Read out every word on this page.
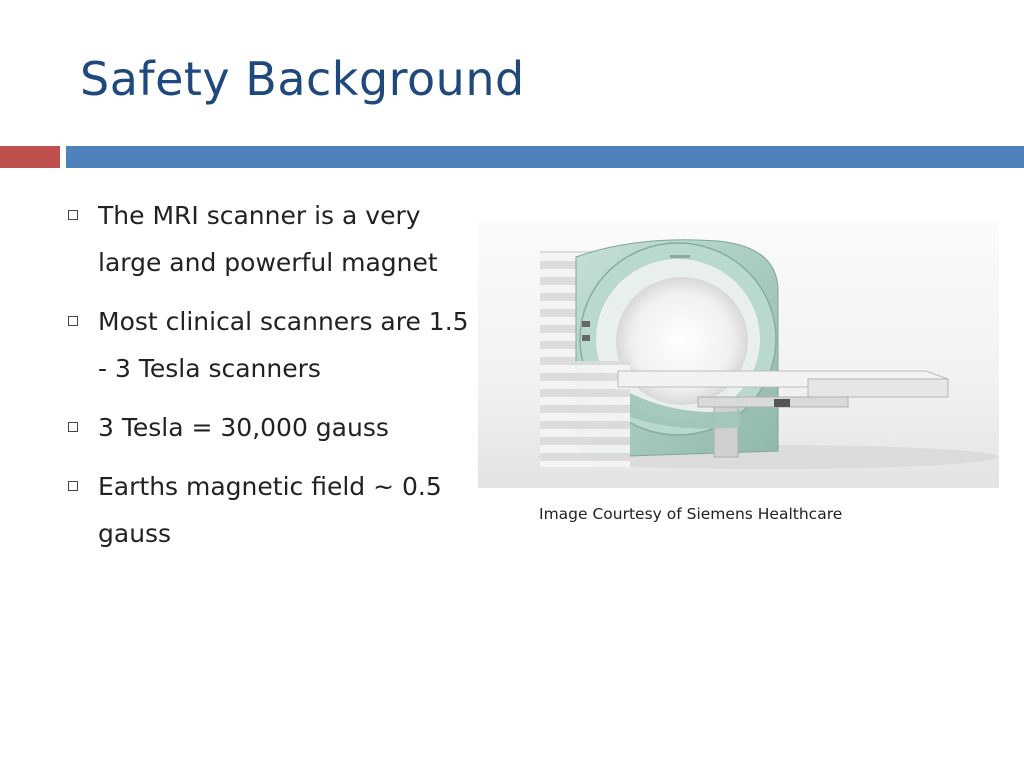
Safety Background
The MRI scanner is a very large and powerful magnet
Most clinical scanners are 1.5 - 3 Tesla scanners
3 Tesla = 30,000 gauss
Earths magnetic field ~ 0.5 gauss
Image Courtesy of Siemens Healthcare
